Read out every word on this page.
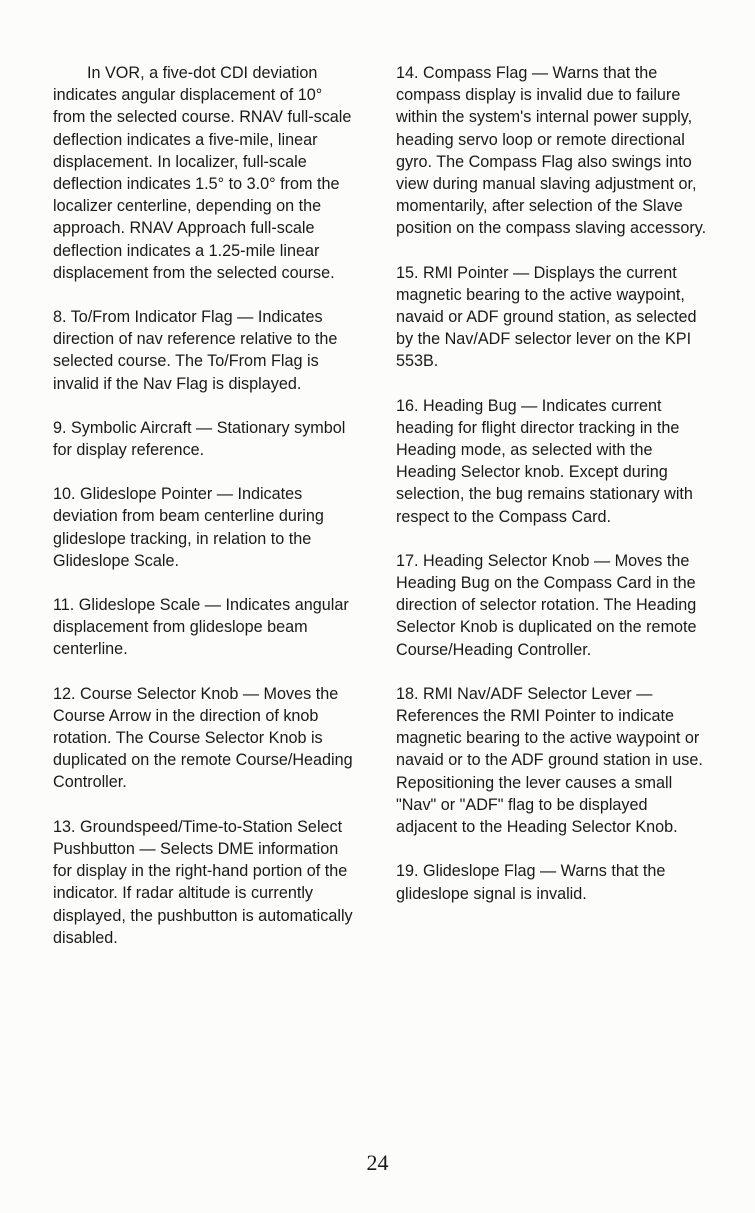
In VOR, a five-dot CDI deviation indicates angular displacement of 10° from the selected course. RNAV full-scale deflection indicates a five-mile, linear displacement. In localizer, full-scale deflection indicates 1.5° to 3.0° from the localizer centerline, depending on the approach. RNAV Approach full-scale deflection indicates a 1.25-mile linear displacement from the selected course.

8. To/From Indicator Flag — Indicates direction of nav reference relative to the selected course. The To/From Flag is invalid if the Nav Flag is displayed.

9. Symbolic Aircraft — Stationary symbol for display reference.

10. Glideslope Pointer — Indicates deviation from beam centerline during glideslope tracking, in relation to the Glideslope Scale.

11. Glideslope Scale — Indicates angular displacement from glideslope beam centerline.

12. Course Selector Knob — Moves the Course Arrow in the direction of knob rotation. The Course Selector Knob is duplicated on the remote Course/Heading Controller.

13. Groundspeed/Time-to-Station Select Pushbutton — Selects DME information for display in the right-hand portion of the indicator. If radar altitude is currently displayed, the pushbutton is automatically disabled.

14. Compass Flag — Warns that the compass display is invalid due to failure within the system's internal power supply, heading servo loop or remote directional gyro. The Compass Flag also swings into view during manual slaving adjustment or, momentarily, after selection of the Slave position on the compass slaving accessory.

15. RMI Pointer — Displays the current magnetic bearing to the active waypoint, navaid or ADF ground station, as selected by the Nav/ADF selector lever on the KPI 553B.

16. Heading Bug — Indicates current heading for flight director tracking in the Heading mode, as selected with the Heading Selector knob. Except during selection, the bug remains stationary with respect to the Compass Card.

17. Heading Selector Knob — Moves the Heading Bug on the Compass Card in the direction of selector rotation. The Heading Selector Knob is duplicated on the remote Course/Heading Controller.

18. RMI Nav/ADF Selector Lever — References the RMI Pointer to indicate magnetic bearing to the active waypoint or navaid or to the ADF ground station in use. Repositioning the lever causes a small "Nav" or "ADF" flag to be displayed adjacent to the Heading Selector Knob.

19. Glideslope Flag — Warns that the glideslope signal is invalid.

24
